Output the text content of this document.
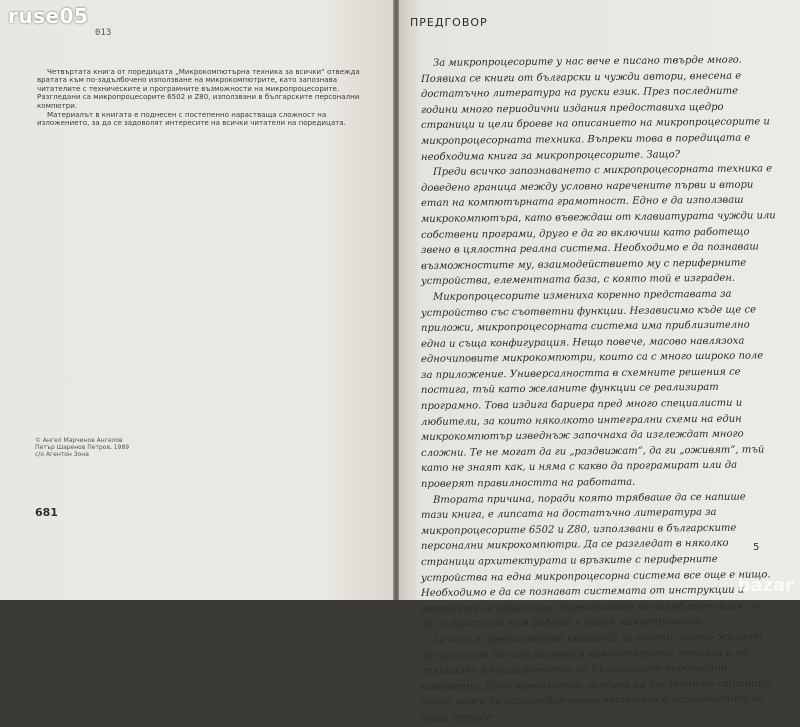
013

Четвъртата книга от поредицата „Микрокомпютърна техника за всички“ отвежда вратата към по-задълбочено използване на микрокомпютрите, като запознава читателите с техническите и програмните възможности на микропроцесорите. Разгледани са микропроцесорите 6502 и Z80, използвани в българските персонални компютри.

Материалът в книгата е поднесен с постепенно нарастваща сложност на изложението, за да се задоволят интересите на всички читатели на поредицата.

© Ангел Марчинов Ангелов
Петър Шаренов Петров, 1989
с/о Агентон Зона
681
ПРЕДГОВОР

За микропроцесорите у нас вече е писано твърде много. Появиха се книги от български и чужди автори, внесена е достатъчно литература на руски език. През последните години много периодични издания предоставиха щедро страници и цели броеве на описанието на микропроцесорите и микропроцесорната техника. Въпреки това в поредицата е необходима книга за микропроцесорите. Защо?

Преди всичко запознаването с микропроцесорната техника е доведено граница между условно наречените първи и втори етап на компютърната грамотност. Едно е да използваш микрокомпютъра, като въвеждаш от клавиатурата чужди или собствени програми, друго е да го включиш като работещо звено в цялостна реална система. Необходимо е да познаваш възможностите му, взаимодействието му с периферните устройства, елементната база, с която той е изграден.

Микропроцесорите измениха коренно представата за устройство със съответни функции. Независимо къде ще се приложи, микропроцесорната система има приблизително една и съща конфигурация. Нещо повече, масово навлязоха едночиповите микрокомпютри, които са с много широко поле за приложение. Универсалността в схемните решения се постига, тъй като желаните функции се реализират програмно. Това издига бариера пред много специалисти и любители, за които няколкото интегрални схеми на един микрокомпютър изведнъж започнаха да изглеждат много сложни. Те не могат да ги „раздвижат“, да ги „оживят“, тъй като не знаят как, и няма с какво да програмират или да проверят правилността на работата.

Втората причина, поради която трябваше да се напише тази книга, е липсата на достатъчно литература за микропроцесорите 6502 и Z80, използвани в българските персонални микрокомпютри. Да се разгледат в няколко страници архитектурата и връзките с периферните устройства на една микропроцесорна система все още е нищо. Необходимо е да се познават системата от инструкции и методите за адресация, директивите на асемблерен език, за да се пристъпи към работа с даден микропроцесор.

За кого е предназначена книгата? За всички, които желаят да навлязат по-задълбочено в компютърната техника и по-специално в приложението на българските персонални компютри. Едно предимство, особено на последните страници, обаче може да разколебае някои читатели в истинността на това твърде-

5
ruse05
bazar
